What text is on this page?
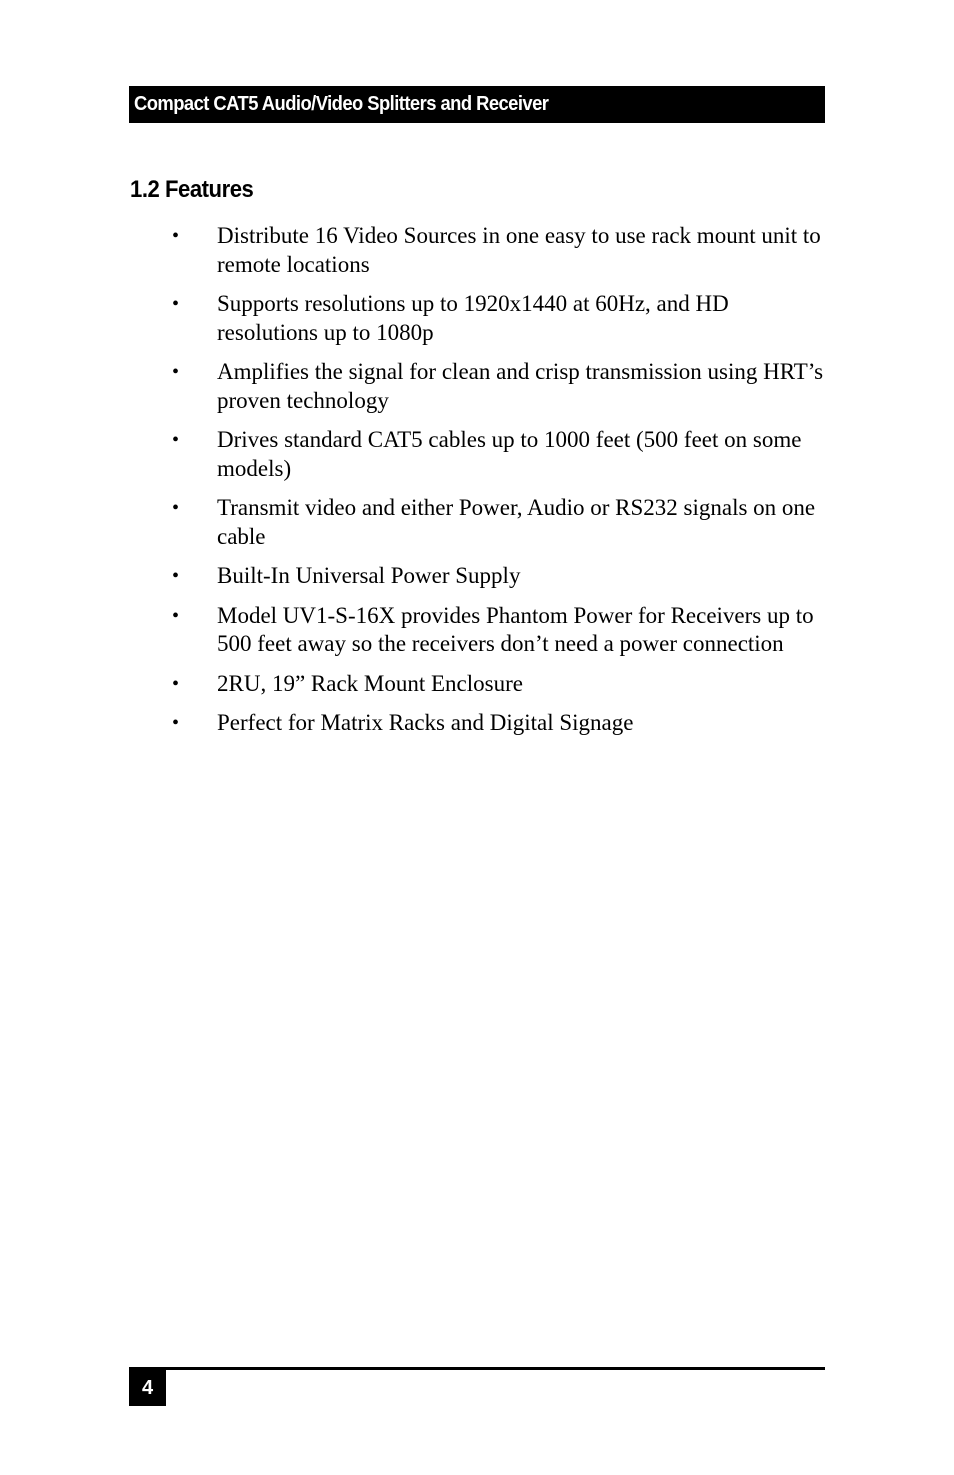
Compact CAT5 Audio/Video Splitters and Receiver
1.2 Features
• Distribute 16 Video Sources in one easy to use rack mount unit to remote locations
• Supports resolutions up to 1920x1440 at 60Hz, and HD resolutions up to 1080p
• Amplifies the signal for clean and crisp transmission using HRT’s proven technology
• Drives standard CAT5 cables up to 1000 feet (500 feet on some models)
• Transmit video and either Power, Audio or RS232 signals on one cable
• Built-In Universal Power Supply
• Model UV1-S-16X provides Phantom Power for Receivers up to 500 feet away so the receivers don’t need a power connection
• 2RU, 19” Rack Mount Enclosure
• Perfect for Matrix Racks and Digital Signage
4
